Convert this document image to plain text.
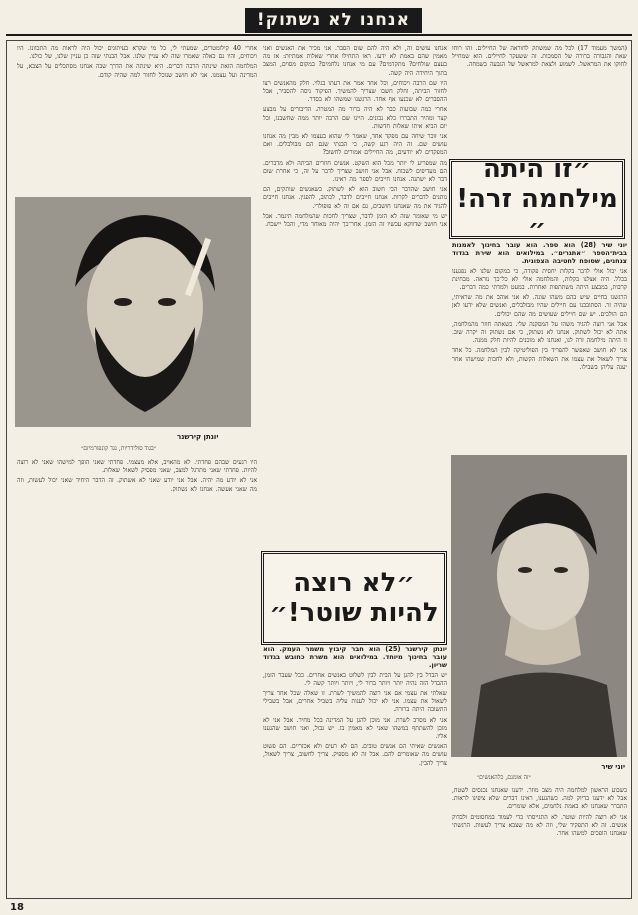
אנחנו לא נשתוק!

(המשך מעמוד 17) לכל מה שמשתק לחוראה של החיילים. זהו רוחו שאת והגבורה ברורה של הסמכות. זה ששעקר לחיילים. הוא שמחייל לחוקו את המראשל. לשמוע ולצאת למראשל של הגבעה בשמחה.

״זו היתה מילחמה זרה!״

יוני שיר (28) הוא ספר. הוא עובר בחינוך לאמנות בבית־הספר ״אתגרים״. במילואים הוא שירת בגדוד צנחנים, שסופח לחטיבה הצפונית.

אני יכול אולי לדבר בקלות יחסית פקודה, כי במקום שלנו לא נפגענו בכלל. היה אצלנו בקלות, והמלחמה אולי לא כל־כך נוראה. מבחינת קרבות, במבצע היתה משתתפות ואחרות. במעט ולמדתי כמה דברים.

הרגשנו בחיים שיש בהם משהו שונה. לא אני אוהב את מה שראיתי, שהיה זר. הסתובבנו עם חיילים שהיו מבולבלים, ואנשים שלא ידעו לאן הם הולכים. יש שם חיילים שעושים מה שהם יכולים.

אבל אני רוצה להגיד משהו על המסקנה שלי. כשאתה חוזר מהמלחמה, אתה לא יכול לשתוק. אנחנו לא נשתוק, כי אם נשתוק זה יקרה שוב. זו היתה מילחמה זרה לנו, ואנחנו לא מוכנים להיות חלק ממנה.

אני לא חושב שאפשר להפריד בין הפוליטיקה לבין המלחמה. כל אחד צריך לשאול את עצמו את השאלות הקשות, ולא לחכות שמישהו אחר יענה עליהן בשבילו.

יוני שיר
״זה אומנם, כלהאנשים״

בשבוע הראשון למלחמה היה מצב מוזר. ידענו שאנחנו נכנסים לשטח, אבל לא ידענו בדיוק למה. כשהגענו, ראינו דברים שלא ציפינו לראות. התברר שאנחנו לא באמת נלחמים, אלא שומרים.

אני לא רוצה להיות שוטר. לא התגייסתי כדי לעמוד במחסומים ולבדוק אנשים. זה לא התפקיד שלי, וזה לא מה שצבא צריך לעשות. הרגשתי שאנחנו הופכים למשהו אחר.

אנחנו עושים זה, ולא היה להם שום הסבר. אני מכיר את האנשים ואני מאמין שהם באמת לא ידעו. ראו התחילו אחרי שאלות אמתיות: אז מה בעצם שולחים? מתקדמים? עם מי אנחנו נלחמים? במקום מסוים, המצב בתוך היחידה היה קשה.

היו שם הרבה ויכוחים, וכל אחד אמר את דעתו בגלוי. חלק מהאנשים רצו לחזור הביתה, וחלק חשבו שצריך להמשיך. הפיקוד ניסה להסביר, אבל ההסברים לא שכנעו אף אחד. הרגשנו שמשהו לא בסדר.

אחרי כמה שבועות כבר לא היה ברור מה המטרה. הדיבורים על מבצע קצר ומהיר התבררו כלא נכונים. היינו שם הרבה יותר ממה שחשבנו, וכל יום הביא איתו שאלות חדשות.

אני זוכר שיחה עם מפקד אחד, שאמר לי שהוא בעצמו לא מבין מה אנחנו עושים שם. זה היה רגע קשה, כי הבנתי שגם הם מבולבלים. ואם המפקדים לא יודעים, מה החיילים אמורים לחשוב?

מה שמפריע לי יותר מכל הוא השקט. אנשים חוזרים הביתה ולא מדברים. הם מעדיפים לשכוח. אבל אני חושב שצריך לדבר על זה, כי אחרת שום דבר לא ישתנה. אנחנו חייבים לספר מה ראינו.

אני חושב שהדבר הכי חשוב הוא לא לשתוק. כשאנשים שותקים, הם נותנים לדברים לקרות. אנחנו חייבים לדבר, לכתוב, להפגין. אנחנו חייבים להגיד את מה שאנחנו חושבים, גם אם זה לא פופולרי.

יש מי שאומר שזה לא הזמן לדבר, שצריך לחכות שהמלחמה תיגמר. אבל אני חושב שדווקא עכשיו זה הזמן. אחר־כך יהיה מאוחר מדי, והכל יישכח.

״לא רוצה להיות שוטר!״

יונתן קירשנר (25) הוא חבר קיבוץ משמר העמק. הוא עובר בחינוך מיוחד. במילואים הוא משרת כחובש בגדוד שריון.

יש הבדל בין להגן על הבית לבין לשלוט באנשים אחרים. ככל שעבר הזמן, ההבדל הזה נהיה יותר ויותר ברור לי, ויותר ויותר קשה לי.

שאלתי את עצמי אם אני רוצה להמשיך לשרת. זו שאלה שכל אחד צריך לשאול את עצמו. אני לא יכול לענות עליה בשביל אחרים, אבל בשבילי התשובה היתה ברורה.

אני לא מסרב לשרת. אני מוכן להגן על המדינה בכל מחיר. אבל אני לא מוכן להשתתף במשהו שאני לא מאמין בו. יש גבול, ואני חושב שהגענו אליו.

האנשים שאיתי הם אנשים טובים. הם לא רעים ולא אכזריים. הם פשוט עושים מה שאומרים להם. אבל זה לא מספיק. צריך לחשוב, צריך לשאול, צריך להבין.

אחרי 40 קילומטרים, שמעתי לי, כל מי שקרא בעיתונים יכול היה לראות מה התכוונו. היו ויכוחים, והיו גם כאלה שאמרו שזה לא עניין שלנו. אבל הבנתי שזה כן עניין שלנו, של כולנו.

המלחמה הזאת שינתה הרבה דברים. היא שינתה את הדרך שבה אנחנו מסתכלים על הצבא, על המדינה ועל עצמנו. אני לא חושב שנוכל לחזור למה שהיה קודם.

יונתן קירשנר
״בגוד סולידריות, נגד קונפורמיזם״

היו רגעים שבהם פחדתי. לא מהאויב, אלא מעצמי. פחדתי שאני הופך למישהו שאני לא רוצה להיות. פחדתי שאני מתרגל למצב, שאני מפסיק לשאול שאלות.

אני לא יודע מה יהיה. אבל אני יודע שאני לא אשתוק. זה הדבר היחיד שאני יכול לעשות, וזה מה שאני אעשה. אנחנו לא נשתוק.

18
